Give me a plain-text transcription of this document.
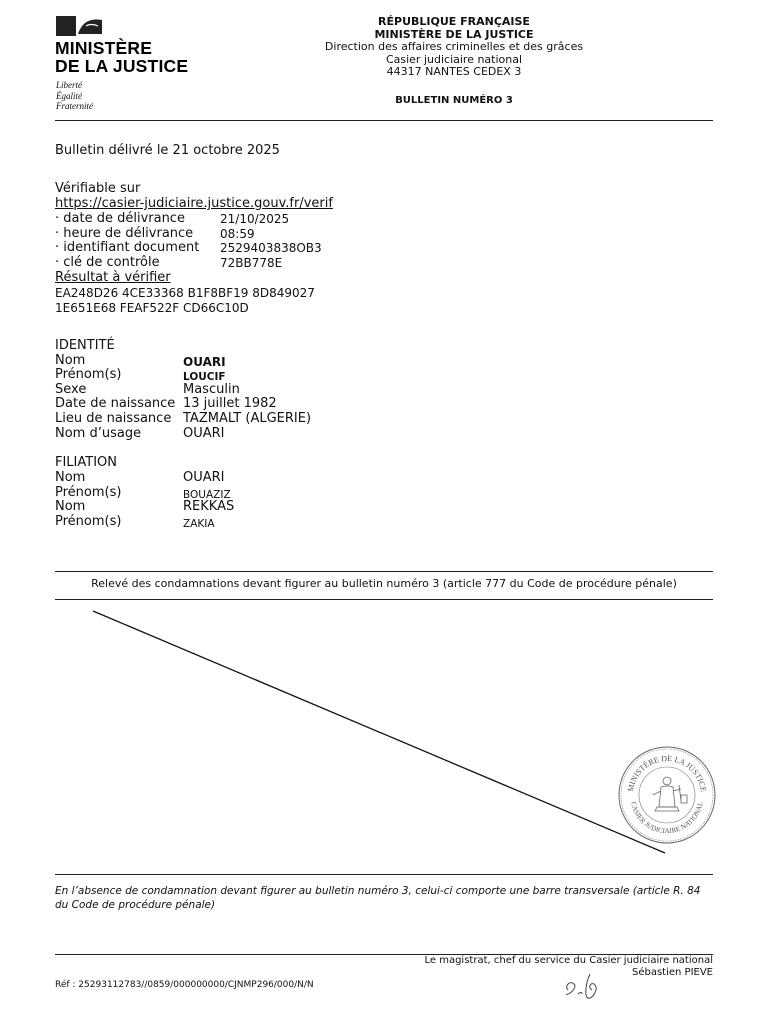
MINISTÈRE
DE LA JUSTICE
Liberté
Égalité
Fraternité
RÉPUBLIQUE FRANÇAISE
MINISTÈRE DE LA JUSTICE
Direction des affaires criminelles et des grâces
Casier judiciaire national
44317 NANTES CEDEX 3
BULLETIN NUMÉRO 3
Bulletin délivré le 21 octobre 2025
Vérifiable sur
https://casier-judiciaire.justice.gouv.fr/verif
· date de délivrance	21/10/2025
· heure de délivrance 08:59
· identifiant document 2529403838OB3
· clé de contrôle	72BB778E
Résultat à vérifier
EA248D26 4CE33368 B1F8BF19 8D849027
1E651E68 FEAF522F CD66C10D
IDENTITÉ
Nom	OUARI
Prénom(s)	LOUCIF
Sexe	Masculin
Date de naissance 13 juillet 1982
Lieu de naissance TAZMALT (ALGERIE)
Nom d’usage	OUARI
FILIATION
Nom	OUARI
Prénom(s)	BOUAZIZ
Nom	REKKAS
Prénom(s)	ZAKIA
Relevé des condamnations devant figurer au bulletin numéro 3 (article 777 du Code de procédure pénale)
MINISTÈRE DE LA JUSTICE
CASIER JUDICIAIRE NATIONAL
En l’absence de condamnation devant figurer au bulletin numéro 3, celui-ci comporte une barre transversale (article R. 84 du Code de procédure pénale)
Le magistrat, chef du service du Casier judiciaire national
Sébastien PIEVE
Réf : 25293112783//0859/000000000/CJNMP296/000/N/N
